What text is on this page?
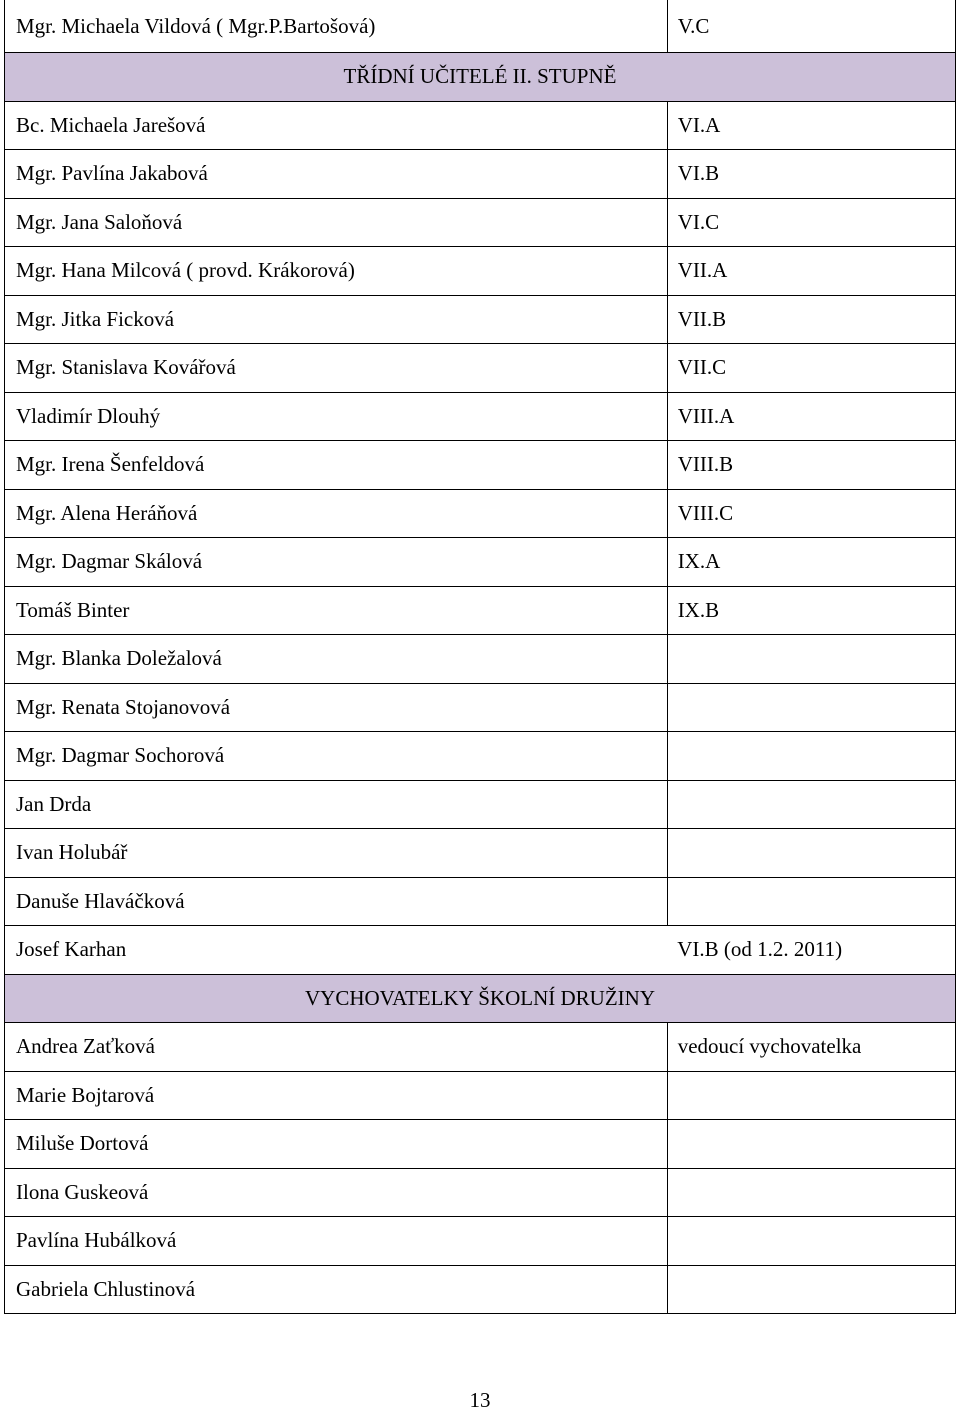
Mgr. Michaela Vildová ( Mgr.P.Bartošová)	V.C
TŘÍDNÍ UČITELÉ II. STUPNĚ	
Bc. Michaela Jarešová	VI.A
Mgr. Pavlína Jakabová	VI.B
Mgr. Jana Saloňová	VI.C
Mgr. Hana Milcová ( provd. Krákorová)	VII.A
Mgr. Jitka Ficková	VII.B
Mgr. Stanislava Kovářová	VII.C
Vladimír Dlouhý	VIII.A
Mgr. Irena Šenfeldová	VIII.B
Mgr. Alena Heráňová	VIII.C
Mgr. Dagmar Skálová	IX.A
Tomáš Binter	IX.B
Mgr. Blanka Doležalová	
Mgr. Renata Stojanovová	
Mgr. Dagmar Sochorová	
Jan Drda	
Ivan Holubář	
Danuše Hlaváčková	
Josef Karhan	VI.B (od 1.2. 2011)
VYCHOVATELKY ŠKOLNÍ DRUŽINY	
Andrea Zaťková	vedoucí vychovatelka
Marie Bojtarová	
Miluše Dortová	
Ilona Guskeová	
Pavlína Hubálková	
Gabriela Chlustinová	
13
